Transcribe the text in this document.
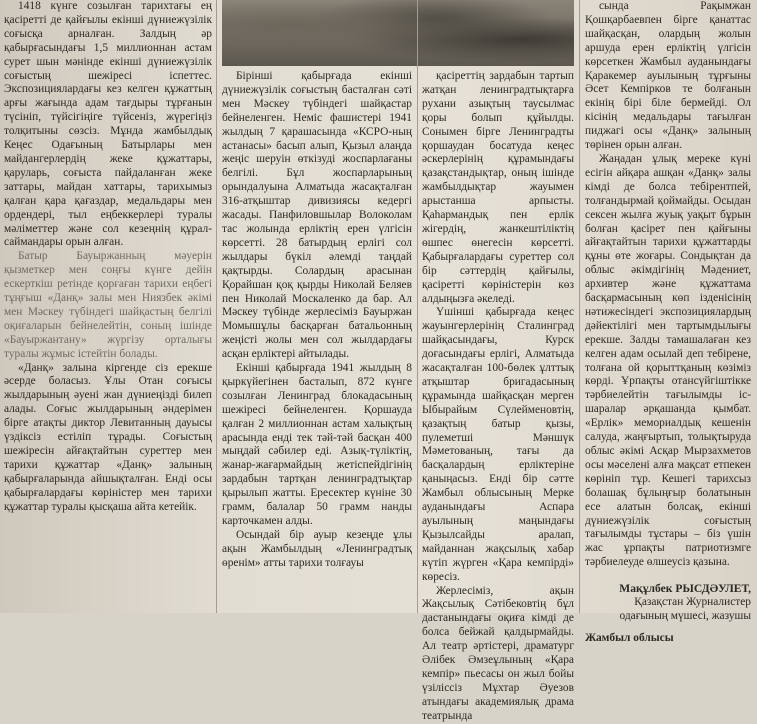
1418 күнге созылған тарихтағы ең қасіретті де қайғылы екінші дүниежүзілік соғысқа арналған. Залдың әр қабырғасындағы 1,5 миллионнан астам сурет шын мәнінде екінші дүниежүзілік соғыстың шежіресі іспеттес. Экспозициялардағы кез келген құжаттың арғы жағында адам тағдыры тұрғанын түсініп, түйсігіңіге түйсеніз, жүрегіңіз толқитыны сөзсіз. Мұнда жамбылдық Кеңес Одағының Батырлары мен майдангерлердің жеке құжаттары, қаруларь, соғыста пайдаланған жеке заттары, майдан хаттары, тарихымыз қалған қара қағаздар, медальдары мен ордендері, тыл еңбеккерлері туралы мәліметтер және сол кезеңнің құрал-саймандары орын алған.

Батыр Бауыржанның мәуерін қызметкер мен соңғы күнге дейін ескерткіш ретінде қорғаған тарихи еңбегі тұңғыш «Данқ» залы мен Ниязбек әкімі мен Мәскеу түбіндегі шайқастың белгілі оқиғаларын бейнелейтін, соның ішінде «Бауыржантану» жүргізу орталығы туралы жұмыс істейтін болады.

«Данқ» залына кіргенде сіз ерекше әсерде боласыз. Ұлы Отан соғысы жылдарының әуені жан дүниеңізді билеп алады. Соғыс жылдарының әндерімен бірге атақты диктор Левитанның дауысы үздіксіз естіліп тұрады. Соғыстың шежіресін айғақтайтын суреттер мен тарихи құжаттар «Данқ» залының қабырғаларында айшықталған. Енді осы қабырғалардағы көріністер мен тарихи құжаттар туралы қысқаша айта кетейік.

Бірінші қабырғада екінші дүниежүзілік соғыстың басталған сәті мен Мәскеу түбіндегі шайқастар бейнеленген. Неміс фашистері 1941 жылдың 7 қарашасында «КСРО-ның астанасы» басып алып, Қызыл алаңда жеңіс шеруін өткізуді жоспарлағаны белгілі. Бұл жоспарларының орындалуына Алматыда жасақталған 316-атқыштар дивизиясы кедергі жасады. Панфиловшылар Волоколам тас жолында ерліктің ерен үлгісін көрсетті. 28 батырдың ерлігі сол жылдары бүкіл әлемді таңдай қақтырды. Солардың арасынан Қорайшан қоқ қырды Николай Беляев пен Николай Москаленко да бар. Ал Мәскеу түбінде жерлесіміз Бауыржан Момышұлы басқарған батальонның жеңісті жолы мен сол жылдардағы асқан ерліктері айтылады.

Екінші қабырғада 1941 жылдың 8 қыркүйегінен басталып, 872 күнге созылған Ленинград блокадасының шежіресі бейнеленген. Қоршауда қалған 2 миллионнан астам халықтың арасында енді тек тәй-тәй басқан 400 мыңдай сәбилер еді. Азық-түліктің, жанар-жағармайдың жетіспейдігінің зардабын тартқан ленинградтықтар қырылып жатты. Ересектер күніне 30 грамм, балалар 50 грамм нанды карточкамен алды.

Осындай бір ауыр кезеңде ұлы ақын Жамбылдың «Ленинградтық өренім» атты тарихи толғауы

қасіреттің зардабын тартып жатқан ленинградтықтарға рухани азықтың таусылмас қоры болып құйылды. Сонымен бірге Ленинградты қоршаудан босатуда кеңес әскерлерінің құрамындағы қазақстандықтар, оның ішінде жамбылдықтар жауымен арыстанша арпысты. Қаһармандық пен ерлік жігердің, жанкештіліктің өшпес өнегесін көрсетті. Қабырғалардағы суреттер сол бір сәттердің қайғылы, қасіретті көріністерін көз алдыңызға әкеледі.

Үшінші қабырғада кеңес жауынгерлерінің Сталинград шайқасындағы, Курск доғасындағы ерлігі, Алматыда жасақталған 100-бөлек ұлттық атқыштар бригадасының құрамында шайқасқан мерген Ыбырайым Сүлейменовтің, қазақтың батыр қызы, пулеметші Мәншүк Мәметованың, тағы да басқалардың ерліктеріне қаныңасыз. Енді бір сәтте Жамбыл облысының Мерке ауданындағы Аспара ауылының маңындағы Қызылсайды аралап, майданнан жақсылық хабар күтіп жүрген «Қара кемпірді» көресіз.

Жерлесіміз, ақын Жақсылық Сәтібековтің бұл дастанындағы оқиға кімді де болса бейжай қалдырмайды. Ал театр әртістері, драматург Әлібек Әмзеұлының «Қара кемпір» пьесасы он жыл бойы үзіліссіз Мұхтар Әуезов атындағы академиялық драма театрында

сында Рақымжан Қошқарбаевпен бірге қанаттас шайқасқан, олардың жолын аршуда ерен ерліктің үлгісін көрсеткен Жамбыл ауданындағы Қаракемер ауылының тұрғыны Әсет Кемпірков те болғанын екінің бірі біле бермейді. Ол кісінің медальдары тағылған пиджагі осы «Данқ» залының төрінен орын алған.

Жаңадан ұлық мереке күні есігін айқара ашқан «Данқ» залы кімді де болса тебірентпей, толғандырмай қоймайды. Осыдан сексен жылға жуық уақыт бұрын болған қасірет пен қайғыны айғақтайтын тарихи құжаттарды құны өте жоғары. Сондықтан да облыс әкімдігінің Мәдениет, архивтер және құжаттама басқармасының көп ізденісінің нәтижесіндегі экспозициялардың дәйектілігі мен тартымдылығы ерекше. Залды тамашалаған кез келген адам осылай деп тебіренe, толғана ой қорыттқаның көзіміз көрді. Ұрпақты отансүйгіштікке тәрбиелейтін тағылымды іс-шаралар әрқашанда қымбат. «Ерлік» мемориалдық кешенін салуда, жаңғыртып, толықтыруда облыс әкімі Асқар Мырзахметов осы мәселені алға мақсат етпекен көрініп тұр. Кешегі тарихсыз болашақ бұлыңғыр болатынын есе алатын болсақ, екінші дүниежүзілік соғыстың тағылымды тұстары – біз үшін жас ұрпақты патриотизмге тәрбиелеуде өлшеусіз қазына.

Мақұлбек РЫСДӘУЛЕТ,

Қазақстан Журналистер одағының мүшесі, жазушы

Жамбыл облысы
